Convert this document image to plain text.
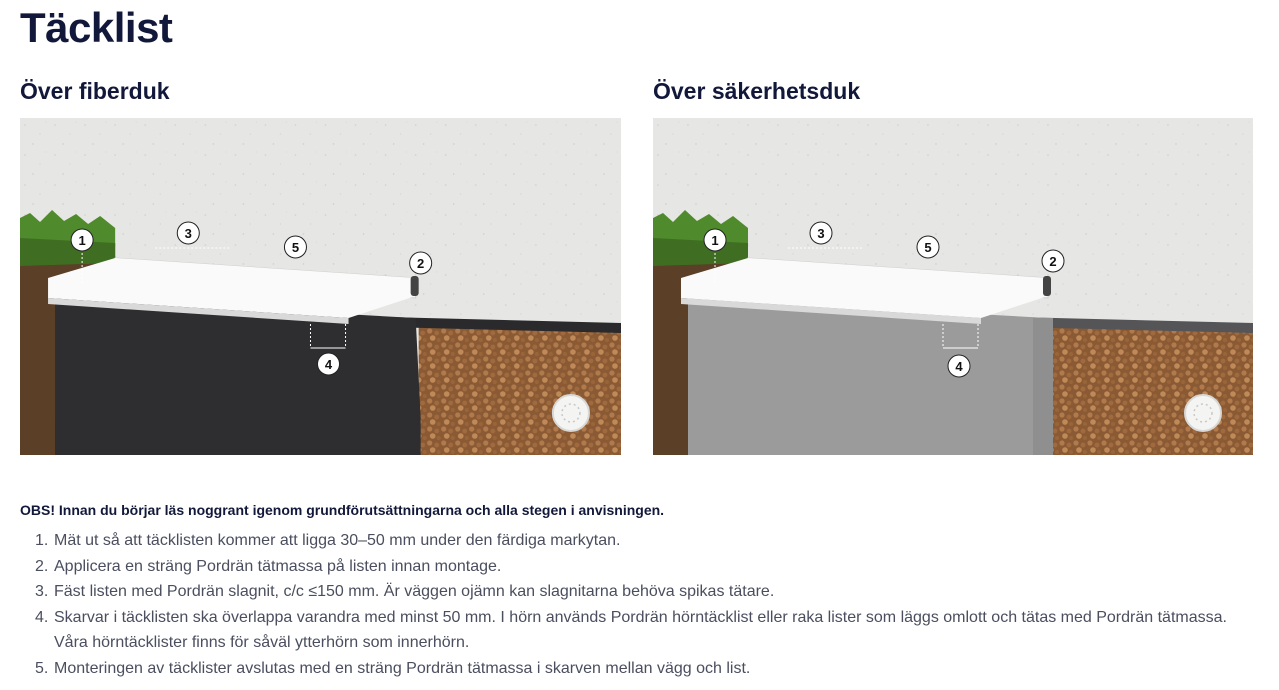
Täcklist
Över fiberduk	Över säkerhetsduk
1	3
5
2
4
1	3
5
2
4

OBS! Innan du börjar läs noggrant igenom grundförutsättningarna och alla stegen i anvisningen.

1. Mät ut så att täcklisten kommer att ligga 30–50 mm under den färdiga markytan.
2. Applicera en sträng Pordrän tätmassa på listen innan montage.
3. Fäst listen med Pordrän slagnit, c/c ≤150 mm. Är väggen ojämn kan slagnitarna behöva spikas tätare.
4. Skarvar i täcklisten ska överlappa varandra med minst 50 mm. I hörn används Pordrän hörntäcklist eller raka lister som läggs omlott och tätas med Pordrän tätmassa. Våra hörntäcklister finns för såväl ytterhörn som innerhörn.
5. Monteringen av täcklister avslutas med en sträng Pordrän tätmassa i skarven mellan vägg och list.
